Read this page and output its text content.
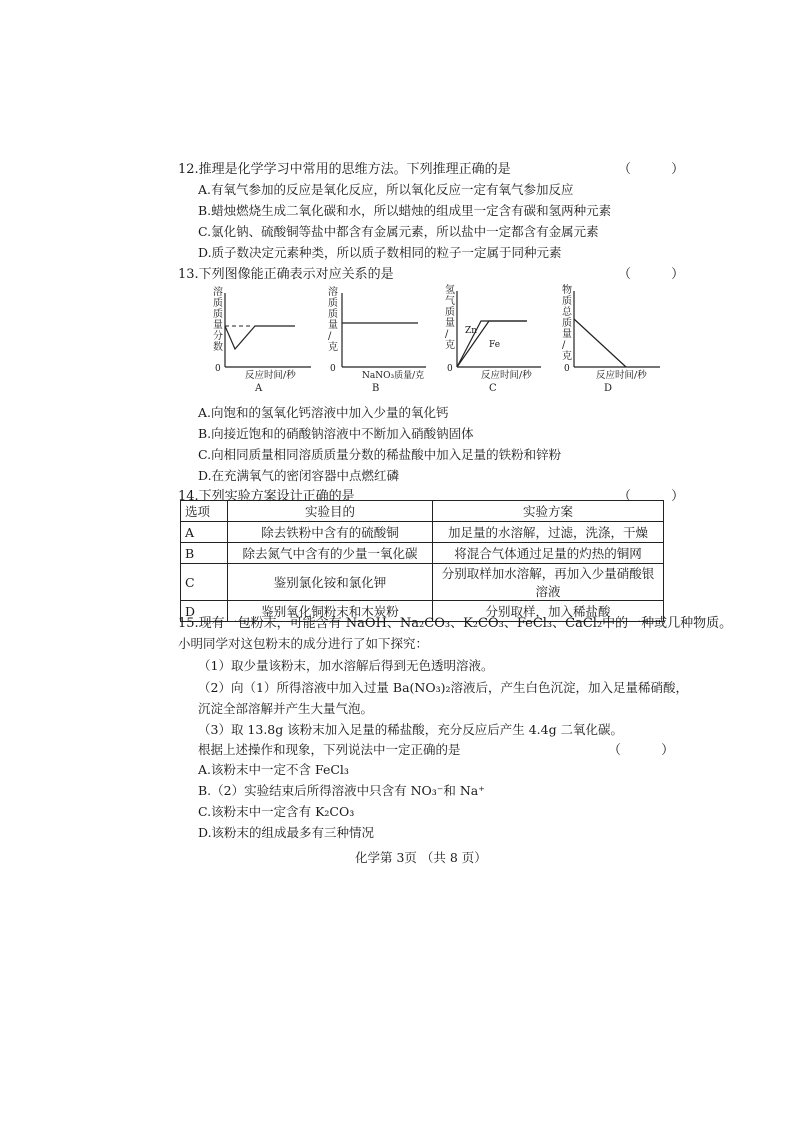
12.推理是化学学习中常用的思维方法。下列推理正确的是	（ ）
A.有氧气参加的反应是氧化反应，所以氧化反应一定有氧气参加反应
B.蜡烛燃烧生成二氧化碳和水，所以蜡烛的组成里一定含有碳和氢两种元素
C.氯化钠、硫酸铜等盐中都含有金属元素，所以盐中一定都含有金属元素
D.质子数决定元素种类，所以质子数相同的粒子一定属于同种元素
13.下列图像能正确表示对应关系的是	（ ）
溶
质
质
量
分
数
0
反应时间/秒
A
溶
质
质
量
/
克
0
NaNO₃质量/克
B
氢
气
质
量
/
克
Zn
Fe
0
反应时间/秒
C
物
质
总
质
量
/
克
0
反应时间/秒
D
A.向饱和的氢氧化钙溶液中加入少量的氧化钙
B.向接近饱和的硝酸钠溶液中不断加入硝酸钠固体
C.向相同质量相同溶质质量分数的稀盐酸中加入足量的铁粉和锌粉
D.在充满氧气的密闭容器中点燃红磷
14.下列实验方案设计正确的是	（ ）
选项	实验目的	实验方案
A	除去铁粉中含有的硫酸铜	加足量的水溶解，过滤，洗涤，干燥
B	除去氮气中含有的少量一氧化碳	将混合气体通过足量的灼热的铜网
C	鉴别氯化铵和氯化钾	分别取样加水溶解，再加入少量硝酸银溶液
D	鉴别氧化铜粉末和木炭粉	分别取样，加入稀盐酸
15.现有一包粉末，可能含有 NaOH、Na₂CO₃、K₂CO₃、FeCl₃、CaCl₂中的一种或几种物质。
小明同学对这包粉末的成分进行了如下探究：
（1）取少量该粉末，加水溶解后得到无色透明溶液。
（2）向（1）所得溶液中加入过量 Ba(NO₃)₂溶液后，产生白色沉淀，加入足量稀硝酸，
沉淀全部溶解并产生大量气泡。
（3）取 13.8g 该粉末加入足量的稀盐酸，充分反应后产生 4.4g 二氧化碳。
根据上述操作和现象，下列说法中一定正确的是	（ ）
A.该粉末中一定不含 FeCl₃
B.（2）实验结束后所得溶液中只含有 NO₃⁻和 Na⁺
C.该粉末中一定含有 K₂CO₃
D.该粉末的组成最多有三种情况
化学第 3页 （共 8 页）
